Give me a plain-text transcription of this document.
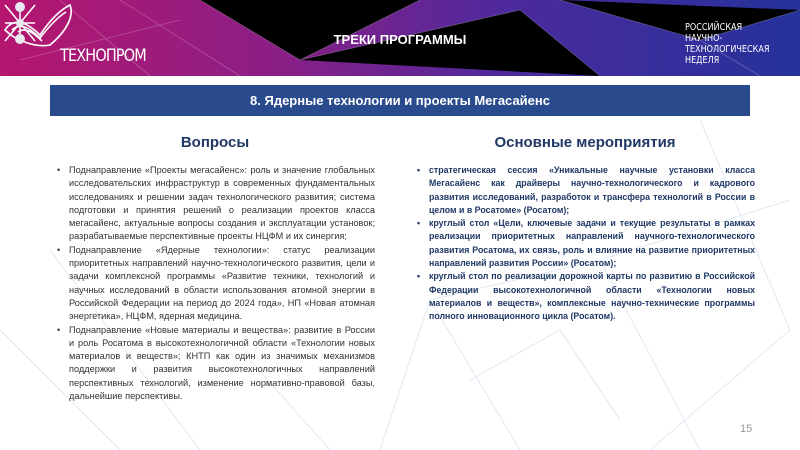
ТЕХНОПРОМ
ТРЕКИ ПРОГРАММЫ
РОССИЙСКАЯ
НАУЧНО-ТЕХНОЛОГИЧЕСКАЯ
НЕДЕЛЯ
8. Ядерные технологии и проекты Мегасайенс
Вопросы	Основные мероприятия
• Поднаправление «Проекты мегасайенс»: роль и значение глобальных исследовательских инфраструктур в современных фундаментальных исследованиях и решении задач технологического развития; система подготовки и принятия решений о реализации проектов класса мегасайенс, актуальные вопросы создания и эксплуатации установок; разрабатываемые перспективные проекты НЦФМ и их синергия;
• Поднаправление «Ядерные технологии»: статус реализации приоритетных направлений научно-технологического развития, цели и задачи комплексной программы «Развитие техники, технологий и научных исследований в области использования атомной энергии в Российской Федерации на период до 2024 года», НП «Новая атомная энергетика», НЦФМ, ядерная медицина.
• Поднаправление «Новые материалы и вещества»: развитие в России и роль Росатома в высокотехнологичной области «Технологии новых материалов и веществ»; КНТП как один из значимых механизмов поддержки и развития высокотехнологичных направлений перспективных технологий, изменение нормативно-правовой базы, дальнейшие перспективы.
• стратегическая сессия «Уникальные научные установки класса Мегасайенс как драйверы научно-технологического и кадрового развития исследований, разработок и трансфера технологий в России в целом и в Росатоме» (Росатом);
• круглый стол «Цели, ключевые задачи и текущие результаты в рамках реализации приоритетных направлений научного-технологического развития Росатома, их связь, роль и влияние на развитие приоритетных направлений развития России» (Росатом);
• круглый стол по реализации дорожной карты по развитию в Российской Федерации высокотехнологичной области «Технологии новых материалов и веществ», комплексные научно-технические программы полного инновационного цикла (Росатом).
15
